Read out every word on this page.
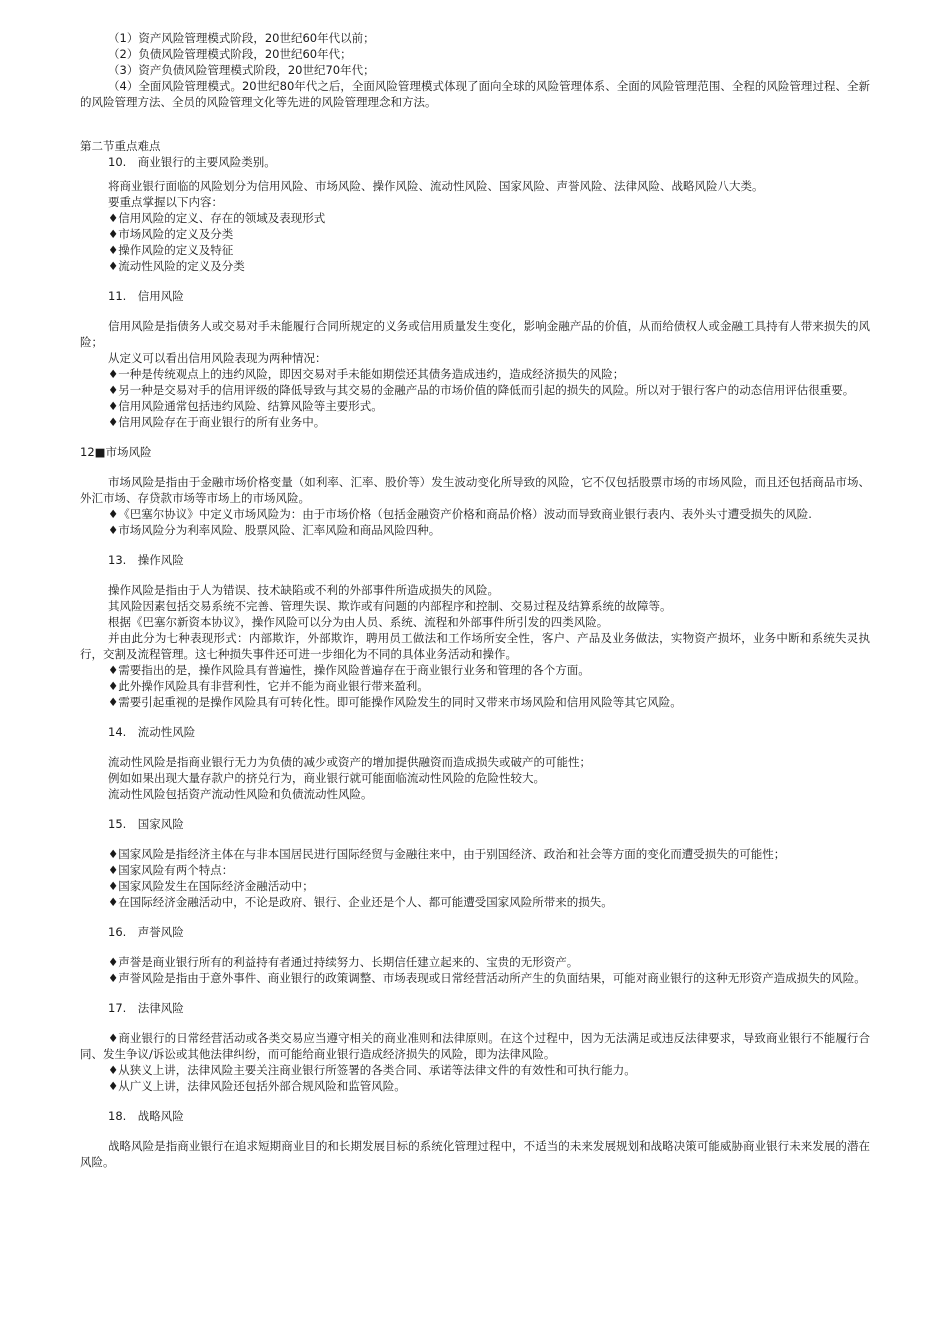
（1）资产风险管理模式阶段，20世纪60年代以前；

（2）负债风险管理模式阶段，20世纪60年代；

（3）资产负债风险管理模式阶段，20世纪70年代；

（4）全面风险管理模式。20世纪80年代之后，全面风险管理模式体现了面向全球的风险管理体系、全面的风险管理范围、全程的风险管理过程、全新的风险管理方法、全员的风险管理文化等先进的风险管理理念和方法。

第二节重点难点

10.　商业银行的主要风险类别。

将商业银行面临的风险划分为信用风险、市场风险、操作风险、流动性风险、国家风险、声誉风险、法律风险、战略风险八大类。

要重点掌握以下内容：

♦信用风险的定义、存在的领域及表现形式

♦市场风险的定义及分类

♦操作风险的定义及特征

♦流动性风险的定义及分类

11.　信用风险

信用风险是指债务人或交易对手未能履行合同所规定的义务或信用质量发生变化，影响金融产品的价值，从而给债权人或金融工具持有人带来损失的风险；

从定义可以看出信用风险表现为两种情况：

♦一种是传统观点上的违约风险，即因交易对手未能如期偿还其债务造成违约，造成经济损失的风险；

♦另一种是交易对手的信用评级的降低导致与其交易的金融产品的市场价值的降低而引起的损失的风险。所以对于银行客户的动态信用评估很重要。

♦信用风险通常包括违约风险、结算风险等主要形式。

♦信用风险存在于商业银行的所有业务中。

12■市场风险

市场风险是指由于金融市场价格变量（如利率、汇率、股价等）发生波动变化所导致的风险，它不仅包括股票市场的市场风险，而且还包括商品市场、外汇市场、存贷款市场等市场上的市场风险。

♦《巴塞尔协议》中定义市场风险为：由于市场价格（包括金融资产价格和商品价格）波动而导致商业银行表内、表外头寸遭受损失的风险.

♦市场风险分为利率风险、股票风险、汇率风险和商品风险四种。

13.　操作风险

操作风险是指由于人为错误、技术缺陷或不利的外部事件所造成损失的风险。

其风险因素包括交易系统不完善、管理失误、欺诈或有问题的内部程序和控制、交易过程及结算系统的故障等。

根据《巴塞尔新资本协议》，操作风险可以分为由人员、系统、流程和外部事件所引发的四类风险。

并由此分为七种表现形式：内部欺诈，外部欺诈，聘用员工做法和工作场所安全性，客户、产品及业务做法，实物资产损坏，业务中断和系统失灵执行，交割及流程管理。这七种损失事件还可进一步细化为不同的具体业务活动和操作。

♦需要指出的是，操作风险具有普遍性，操作风险普遍存在于商业银行业务和管理的各个方面。

♦此外操作风险具有非营利性，它并不能为商业银行带来盈利。

♦需要引起重视的是操作风险具有可转化性。即可能操作风险发生的同时又带来市场风险和信用风险等其它风险。

14.　流动性风险

流动性风险是指商业银行无力为负债的减少或资产的增加提供融资而造成损失或破产的可能性；

例如如果出现大量存款户的挤兑行为，商业银行就可能面临流动性风险的危险性较大。

流动性风险包括资产流动性风险和负债流动性风险。

15.　国家风险

♦国家风险是指经济主体在与非本国居民进行国际经贸与金融往来中，由于别国经济、政治和社会等方面的变化而遭受损失的可能性；

♦国家风险有两个特点：

♦国家风险发生在国际经济金融活动中；

♦在国际经济金融活动中，不论是政府、银行、企业还是个人、都可能遭受国家风险所带来的损失。

16.　声誉风险

♦声誉是商业银行所有的利益持有者通过持续努力、长期信任建立起来的、宝贵的无形资产。

♦声誉风险是指由于意外事件、商业银行的政策调整、市场表现或日常经营活动所产生的负面结果，可能对商业银行的这种无形资产造成损失的风险。

17.　法律风险

♦商业银行的日常经营活动或各类交易应当遵守相关的商业准则和法律原则。在这个过程中，因为无法满足或违反法律要求，导致商业银行不能履行合同、发生争议/诉讼或其他法律纠纷，而可能给商业银行造成经济损失的风险，即为法律风险。

♦从狭义上讲，法律风险主要关注商业银行所签署的各类合同、承诺等法律文件的有效性和可执行能力。

♦从广义上讲，法律风险还包括外部合规风险和监管风险。

18.　战略风险

战略风险是指商业银行在追求短期商业目的和长期发展目标的系统化管理过程中，不适当的未来发展规划和战略决策可能威胁商业银行未来发展的潜在风险。
